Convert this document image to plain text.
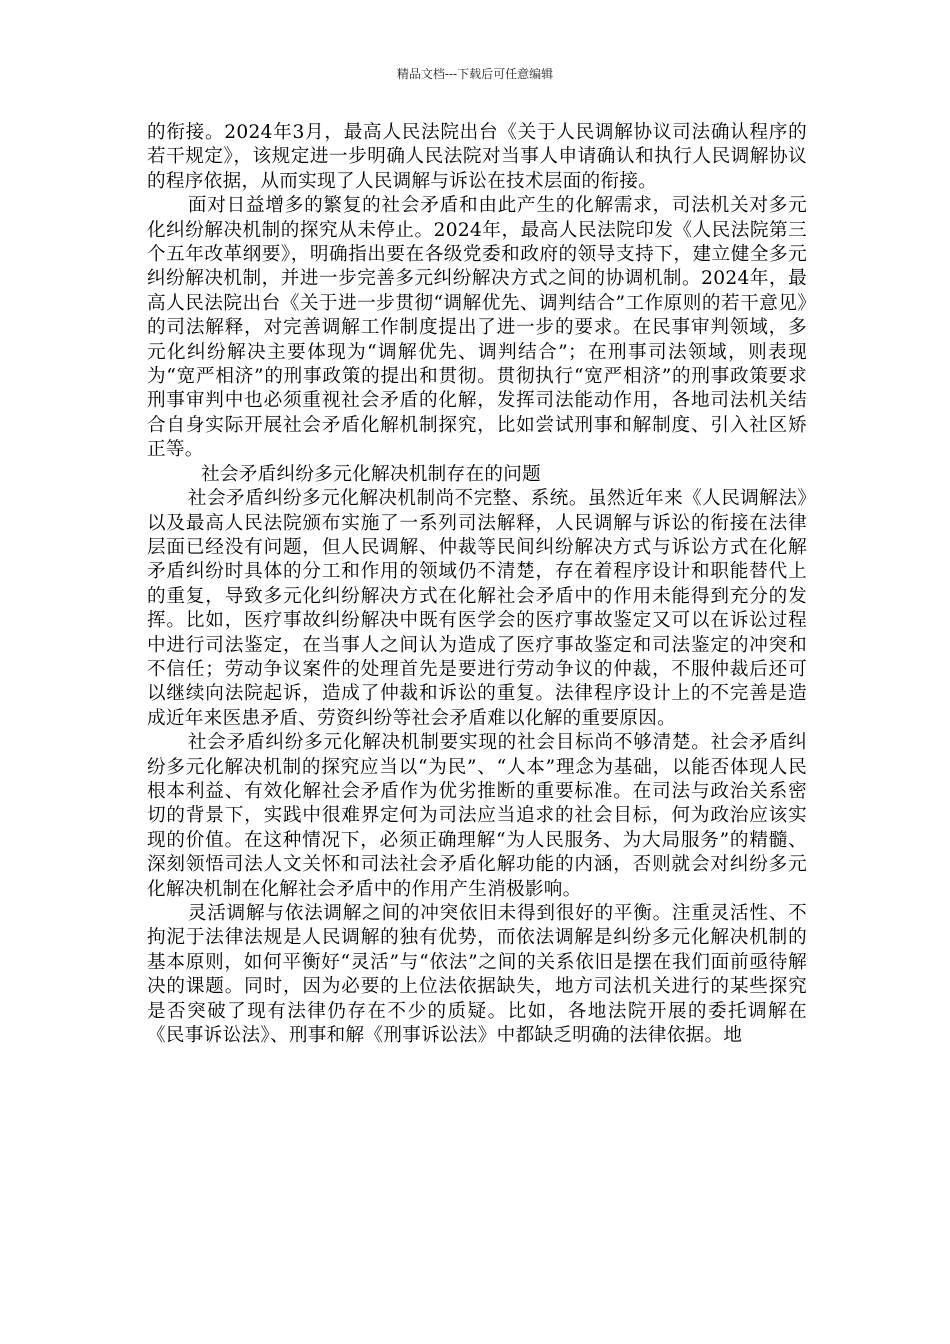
精品文档---下载后可任意编辑

的衔接。2024年3月，最高人民法院出台《关于人民调解协议司法确认程序的若干规定》，该规定进一步明确人民法院对当事人申请确认和执行人民调解协议的程序依据，从而实现了人民调解与诉讼在技术层面的衔接。

面对日益增多的繁复的社会矛盾和由此产生的化解需求，司法机关对多元化纠纷解决机制的探究从未停止。2024年，最高人民法院印发《人民法院第三个五年改革纲要》，明确指出要在各级党委和政府的领导支持下，建立健全多元纠纷解决机制，并进一步完善多元纠纷解决方式之间的协调机制。2024年，最高人民法院出台《关于进一步贯彻“调解优先、调判结合”工作原则的若干意见》的司法解释，对完善调解工作制度提出了进一步的要求。在民事审判领域，多元化纠纷解决主要体现为“调解优先、调判结合”；在刑事司法领域，则表现为“宽严相济”的刑事政策的提出和贯彻。贯彻执行“宽严相济”的刑事政策要求刑事审判中也必须重视社会矛盾的化解，发挥司法能动作用，各地司法机关结合自身实际开展社会矛盾化解机制探究，比如尝试刑事和解制度、引入社区矫正等。

社会矛盾纠纷多元化解决机制存在的问题

社会矛盾纠纷多元化解决机制尚不完整、系统。虽然近年来《人民调解法》以及最高人民法院颁布实施了一系列司法解释，人民调解与诉讼的衔接在法律层面已经没有问题，但人民调解、仲裁等民间纠纷解决方式与诉讼方式在化解矛盾纠纷时具体的分工和作用的领域仍不清楚，存在着程序设计和职能替代上的重复，导致多元化纠纷解决方式在化解社会矛盾中的作用未能得到充分的发挥。比如，医疗事故纠纷解决中既有医学会的医疗事故鉴定又可以在诉讼过程中进行司法鉴定，在当事人之间认为造成了医疗事故鉴定和司法鉴定的冲突和不信任；劳动争议案件的处理首先是要进行劳动争议的仲裁，不服仲裁后还可以继续向法院起诉，造成了仲裁和诉讼的重复。法律程序设计上的不完善是造成近年来医患矛盾、劳资纠纷等社会矛盾难以化解的重要原因。

社会矛盾纠纷多元化解决机制要实现的社会目标尚不够清楚。社会矛盾纠纷多元化解决机制的探究应当以“为民”、“人本”理念为基础，以能否体现人民根本利益、有效化解社会矛盾作为优劣推断的重要标准。在司法与政治关系密切的背景下，实践中很难界定何为司法应当追求的社会目标，何为政治应该实现的价值。在这种情况下，必须正确理解“为人民服务、为大局服务”的精髓、深刻领悟司法人文关怀和司法社会矛盾化解功能的内涵，否则就会对纠纷多元化解决机制在化解社会矛盾中的作用产生消极影响。

灵活调解与依法调解之间的冲突依旧未得到很好的平衡。注重灵活性、不拘泥于法律法规是人民调解的独有优势，而依法调解是纠纷多元化解决机制的基本原则，如何平衡好“灵活”与“依法”之间的关系依旧是摆在我们面前亟待解决的课题。同时，因为必要的上位法依据缺失，地方司法机关进行的某些探究是否突破了现有法律仍存在不少的质疑。比如，各地法院开展的委托调解在《民事诉讼法》、刑事和解《刑事诉讼法》中都缺乏明确的法律依据。地
